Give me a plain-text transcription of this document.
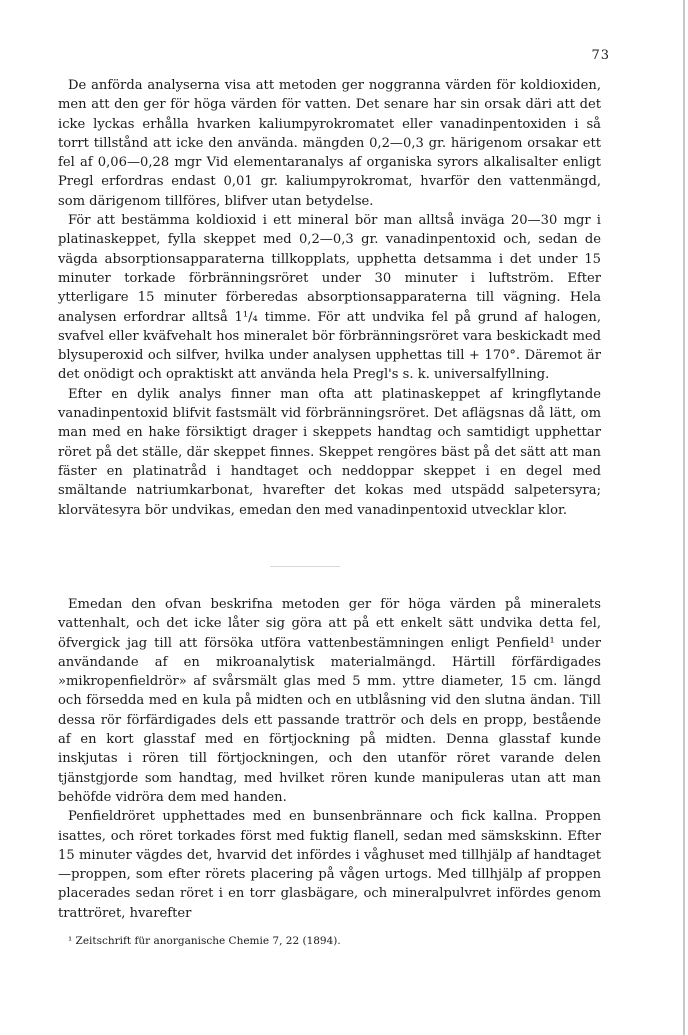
73

De anförda analyserna visa att metoden ger noggranna värden för koldioxiden, men att den ger för höga värden för vatten. Det senare har sin orsak däri att det icke lyckas erhålla hvarken kaliumpyrokromatet eller vanadinpentoxiden i så torrt tillstånd att icke den använda. mängden 0,2—0,3 gr. härigenom orsakar ett fel af 0,06—0,28 mgr Vid elementaranalys af organiska syrors alkalisalter enligt Pregl erfordras endast 0,01 gr. kaliumpyrokromat, hvarför den vattenmängd, som därigenom tillföres, blifver utan betydelse.

För att bestämma koldioxid i ett mineral bör man alltså inväga 20—30 mgr i platinaskeppet, fylla skeppet med 0,2—0,3 gr. vanadinpentoxid och, sedan de vägda absorptionsapparaterna tillkopplats, upphetta detsamma i det under 15 minuter torkade förbränningsröret under 30 minuter i luftström. Efter ytterligare 15 minuter förberedas absorptionsapparaterna till vägning. Hela analysen erfordrar alltså 1¹/₄ timme. För att undvika fel på grund af halogen, svafvel eller kväfvehalt hos mineralet bör förbränningsröret vara beskickadt med blysuperoxid och silfver, hvilka under analysen upphettas till + 170°. Däremot är det onödigt och opraktiskt att använda hela Pregl's s. k. universalfyllning.

Efter en dylik analys finner man ofta att platinaskeppet af kringflytande vanadinpentoxid blifvit fastsmält vid förbränningsröret. Det aflägsnas då lätt, om man med en hake försiktigt drager i skeppets handtag och samtidigt upphettar röret på det ställe, där skeppet finnes. Skeppet rengöres bäst på det sätt att man fäster en platinatråd i handtaget och neddoppar skeppet i en degel med smältande natriumkarbonat, hvarefter det kokas med utspädd salpetersyra; klorvätesyra bör undvikas, emedan den med vanadinpentoxid utvecklar klor.

Emedan den ofvan beskrifna metoden ger för höga värden på mineralets vattenhalt, och det icke låter sig göra att på ett enkelt sätt undvika detta fel, öfvergick jag till att försöka utföra vattenbestämningen enligt Penfield¹ under användande af en mikroanalytisk materialmängd. Härtill förfärdigades »mikropenfieldrör» af svårsmält glas med 5 mm. yttre diameter, 15 cm. längd och försedda med en kula på midten och en utblåsning vid den slutna ändan. Till dessa rör förfärdigades dels ett passande trattrör och dels en propp, bestående af en kort glasstaf med en förtjockning på midten. Denna glasstaf kunde inskjutas i rören till förtjockningen, och den utanför röret varande delen tjänstgjorde som handtag, med hvilket rören kunde manipuleras utan att man behöfde vidröra dem med handen.

Penfieldröret upphettades med en bunsenbrännare och fick kallna. Proppen isattes, och röret torkades först med fuktig flanell, sedan med sämskskinn. Efter 15 minuter vägdes det, hvarvid det infördes i våghuset med tillhjälp af handtaget—proppen, som efter rörets placering på vågen urtogs. Med tillhjälp af proppen placerades sedan röret i en torr glasbägare, och mineralpulvret infördes genom trattröret, hvarefter

¹ Zeitschrift für anorganische Chemie 7, 22 (1894).
